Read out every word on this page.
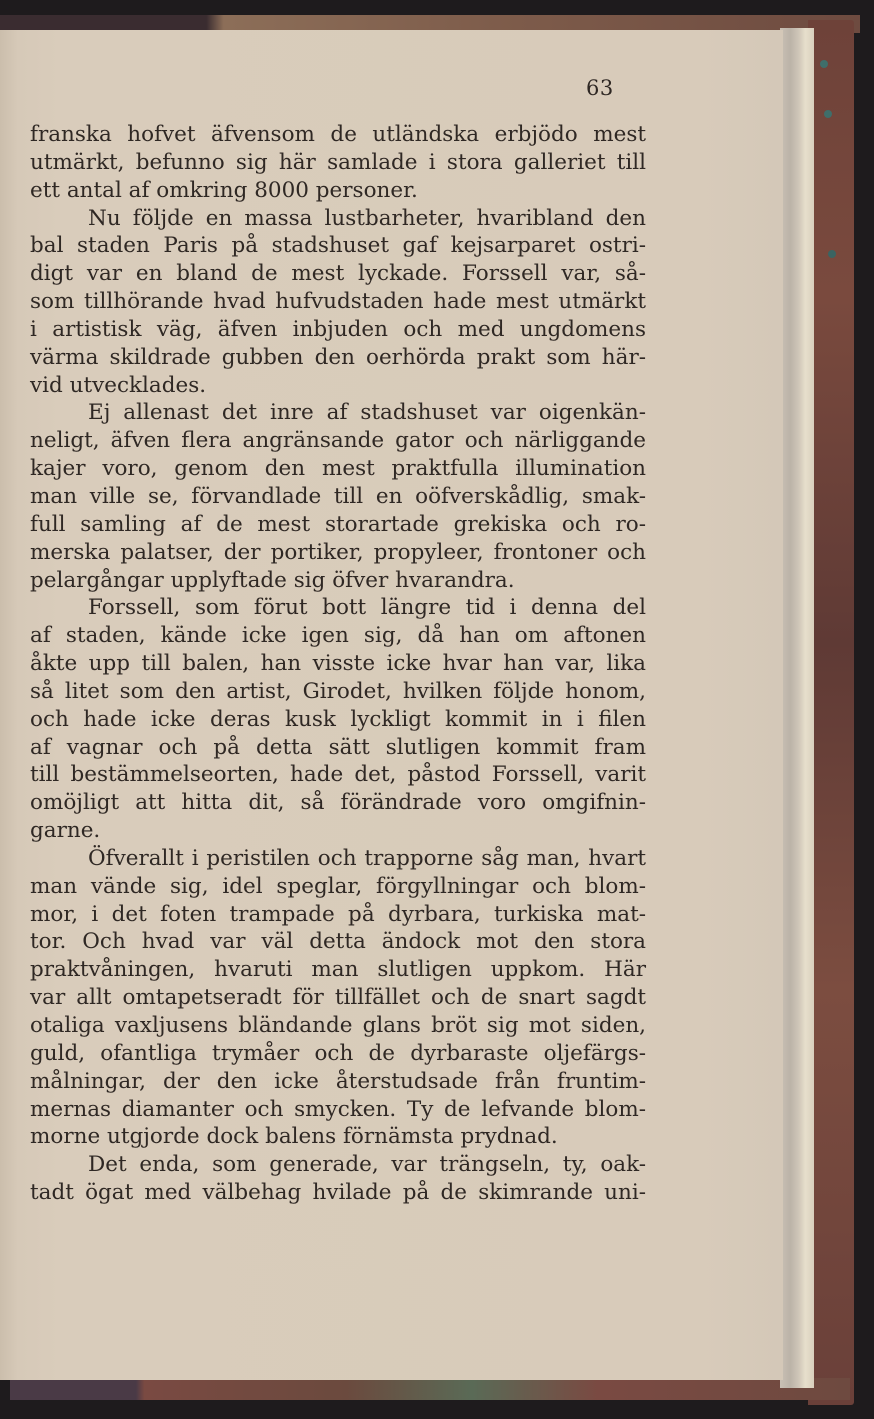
63
franska hofvet äfvensom de utländska erbjödo mest
utmärkt, befunno sig här samlade i stora galleriet till
ett antal af omkring 8000 personer.
Nu följde en massa lustbarheter, hvaribland den
bal staden Paris på stadshuset gaf kejsarparet ostri-
digt var en bland de mest lyckade. Forssell var, så-
som tillhörande hvad hufvudstaden hade mest utmärkt
i artistisk väg, äfven inbjuden och med ungdomens
värma skildrade gubben den oerhörda prakt som här-
vid utvecklades.
Ej allenast det inre af stadshuset var oigenkän-
neligt, äfven flera angränsande gator och närliggande
kajer voro, genom den mest praktfulla illumination
man ville se, förvandlade till en oöfverskådlig, smak-
full samling af de mest storartade grekiska och ro-
merska palatser, der portiker, propyleer, frontoner och
pelargångar upplyftade sig öfver hvarandra.
Forssell, som förut bott längre tid i denna del
af staden, kände icke igen sig, då han om aftonen
åkte upp till balen, han visste icke hvar han var, lika
så litet som den artist, Girodet, hvilken följde honom,
och hade icke deras kusk lyckligt kommit in i filen
af vagnar och på detta sätt slutligen kommit fram
till bestämmelseorten, hade det, påstod Forssell, varit
omöjligt att hitta dit, så förändrade voro omgifnin-
garne.
Öfverallt i peristilen och trapporne såg man, hvart
man vände sig, idel speglar, förgyllningar och blom-
mor, i det foten trampade på dyrbara, turkiska mat-
tor. Och hvad var väl detta ändock mot den stora
praktvåningen, hvaruti man slutligen uppkom. Här
var allt omtapetseradt för tillfället och de snart sagdt
otaliga vaxljusens bländande glans bröt sig mot siden,
guld, ofantliga trymåer och de dyrbaraste oljefärgs-
målningar, der den icke återstudsade från fruntim-
mernas diamanter och smycken. Ty de lefvande blom-
morne utgjorde dock balens förnämsta prydnad.
Det enda, som generade, var trängseln, ty, oak-
tadt ögat med välbehag hvilade på de skimrande uni-
